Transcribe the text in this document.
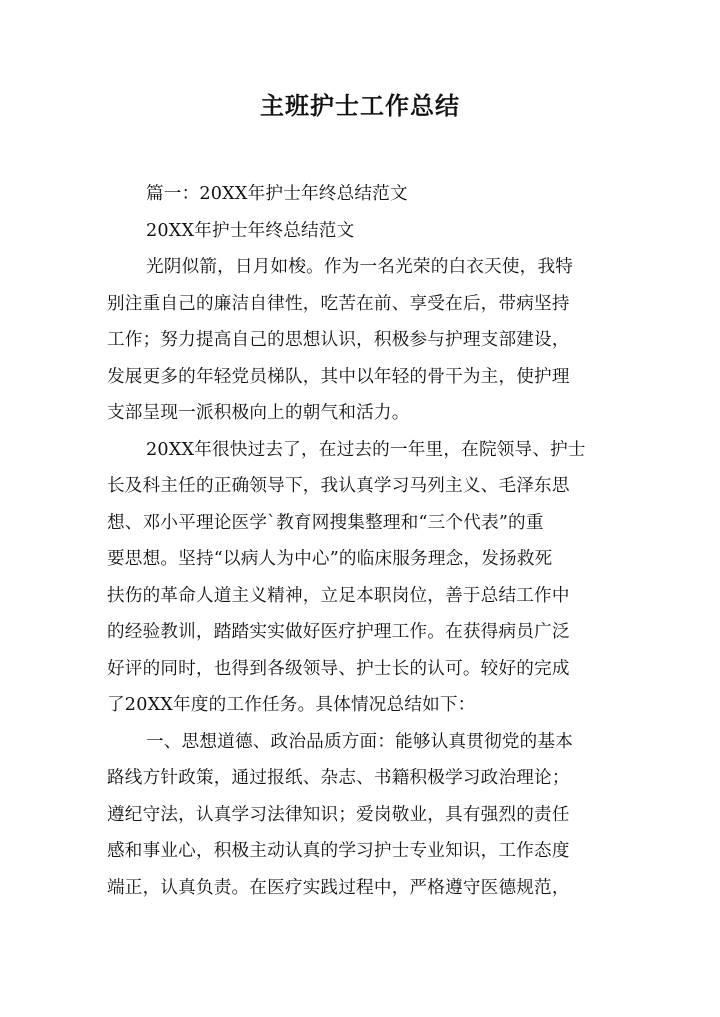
主班护士工作总结
篇一：20XX年护士年终总结范文
20XX年护士年终总结范文
光阴似箭，日月如梭。作为一名光荣的白衣天使，我特
别注重自己的廉洁自律性，吃苦在前、享受在后，带病坚持
工作；努力提高自己的思想认识，积极参与护理支部建设，
发展更多的年轻党员梯队，其中以年轻的骨干为主，使护理
支部呈现一派积极向上的朝气和活力。
20XX年很快过去了，在过去的一年里，在院领导、护士
长及科主任的正确领导下，我认真学习马列主义、毛泽东思
想、邓小平理论医学`教育网搜集整理和“三个代表”的重
要思想。坚持“以病人为中心”的临床服务理念，发扬救死
扶伤的革命人道主义精神，立足本职岗位，善于总结工作中
的经验教训，踏踏实实做好医疗护理工作。在获得病员广泛
好评的同时，也得到各级领导、护士长的认可。较好的完成
了20XX年度的工作任务。具体情况总结如下：
一、思想道德、政治品质方面：能够认真贯彻党的基本
路线方针政策，通过报纸、杂志、书籍积极学习政治理论；
遵纪守法，认真学习法律知识；爱岗敬业，具有强烈的责任
感和事业心，积极主动认真的学习护士专业知识，工作态度
端正，认真负责。在医疗实践过程中，严格遵守医德规范，
